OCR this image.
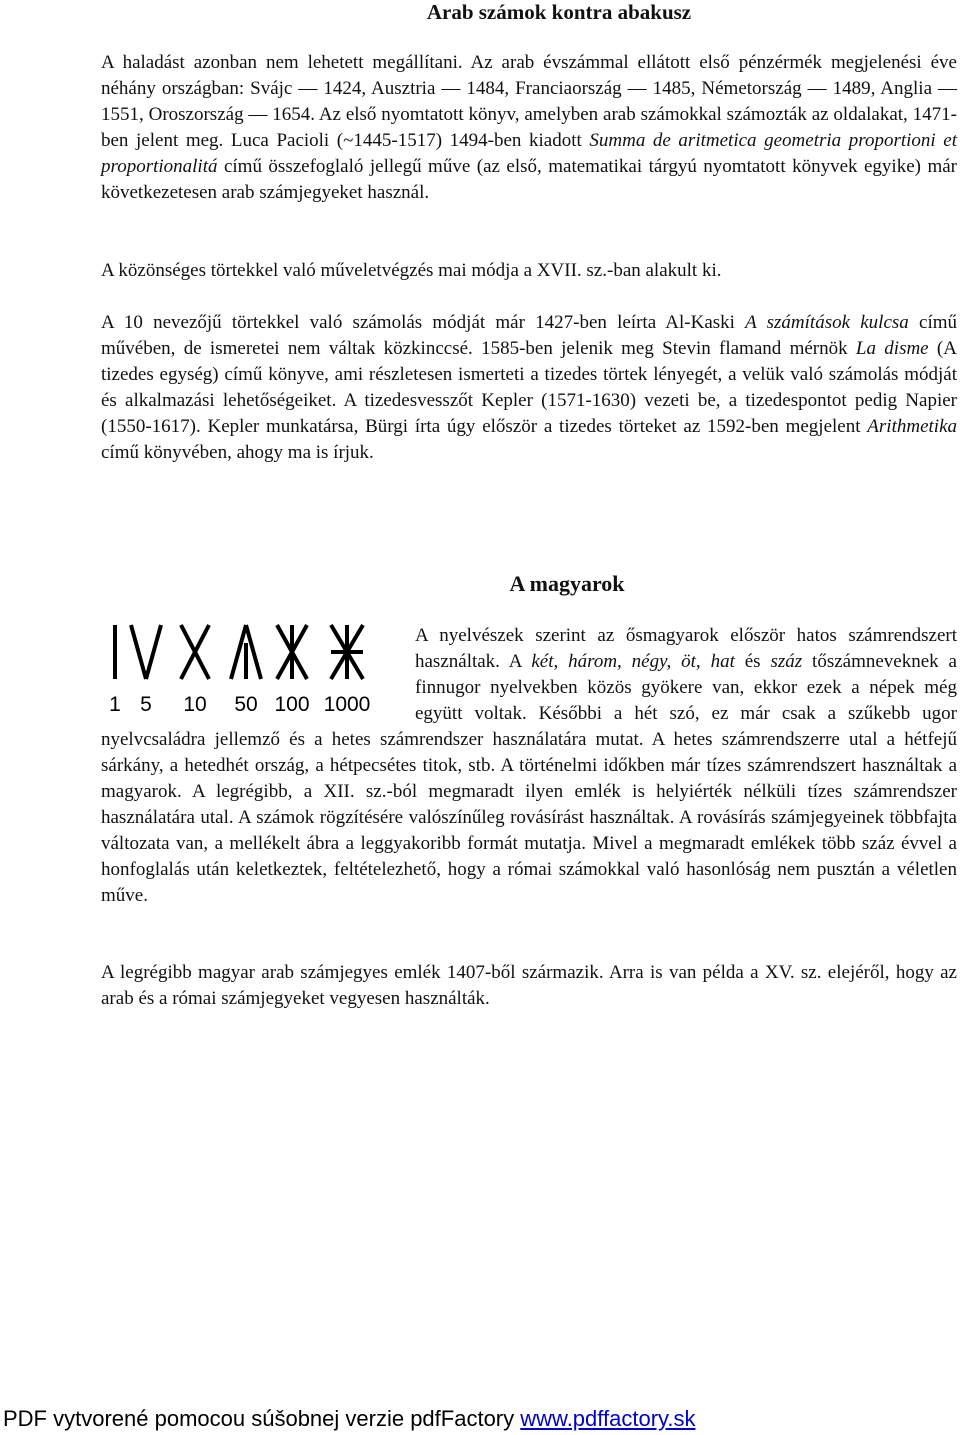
Arab számok kontra abakusz

A haladást azonban nem lehetett megállítani. Az arab évszámmal ellátott első pénzérmék megjelenési éve néhány országban: Svájc — 1424, Ausztria — 1484, Franciaország — 1485, Németország — 1489, Anglia — 1551, Oroszország — 1654. Az első nyomtatott könyv, amelyben arab számokkal számozták az oldalakat, 1471-ben jelent meg. Luca Pacioli (~1445-1517) 1494-ben kiadott Summa de aritmetica geometria proportioni et proportionalitá című összefoglaló jellegű műve (az első, matematikai tárgyú nyomtatott könyvek egyike) már következetesen arab számjegyeket használ.

A közönséges törtekkel való műveletvégzés mai módja a XVII. sz.-ban alakult ki.

A 10 nevezőjű törtekkel való számolás módját már 1427-ben leírta Al-Kaski A számítások kulcsa című művében, de ismeretei nem váltak közkinccsé. 1585-ben jelenik meg Stevin flamand mérnök La disme (A tizedes egység) című könyve, ami részletesen ismerteti a tizedes törtek lényegét, a velük való számolás módját és alkalmazási lehetőségeiket. A tizedesvesszőt Kepler (1571-1630) vezeti be, a tizedespontot pedig Napier (1550-1617). Kepler munkatársa, Bürgi írta úgy először a tizedes törteket az 1592-ben megjelent Arithmetika című könyvében, ahogy ma is írjuk.

A magyarok
1 5 10 50 100 1000

A nyelvészek szerint az ősmagyarok először hatos számrendszert használtak. A két, három, négy, öt, hat és száz tőszámneveknek a finnugor nyelvekben közös gyökere van, ekkor ezek a népek még együtt voltak. Későbbi a hét szó, ez már csak a szűkebb ugor nyelvcsaládra jellemző és a hetes számrendszer használatára mutat. A hetes számrendszerre utal a hétfejű sárkány, a hetedhét ország, a hétpecsétes titok, stb. A történelmi időkben már tízes számrendszert használtak a magyarok. A legrégibb, a XII. sz.-ból megmaradt ilyen emlék is helyiérték nélküli tízes számrendszer használatára utal. A számok rögzítésére valószínűleg rovásírást használtak. A rovásírás számjegyeinek többfajta változata van, a mellékelt ábra a leggyakoribb formát mutatja. Mivel a megmaradt emlékek több száz évvel a honfoglalás után keletkeztek, feltételezhető, hogy a római számokkal való hasonlóság nem pusztán a véletlen műve.

A legrégibb magyar arab számjegyes emlék 1407-ből származik. Arra is van példa a XV. sz. elejéről, hogy az arab és a római számjegyeket vegyesen használták.

PDF vytvorené pomocou súšobnej verzie pdfFactory www.pdffactory.sk
